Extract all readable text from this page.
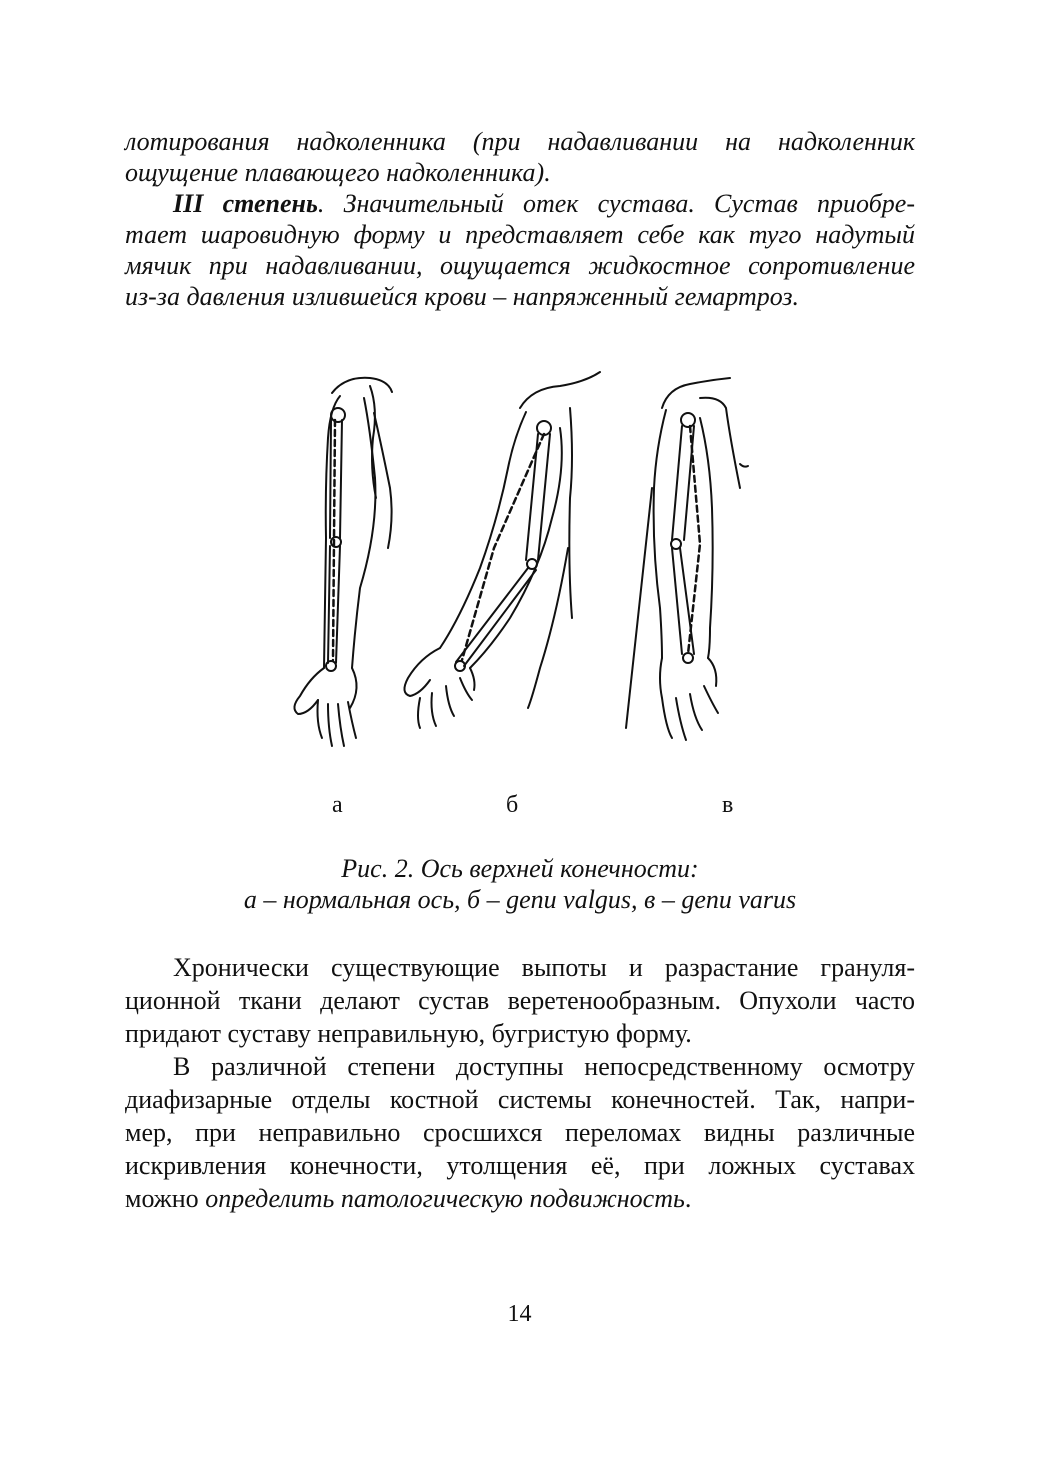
лотирования надколенника (при надавливании на надколенник
ощущение плавающего надколенника).
III степень. Значительный отек сустава. Сустав приобре-
тает шаровидную форму и представляет себе как туго надутый
мячик при надавливании, ощущается жидкостное сопротивление
из-за давления излившейся крови – напряженный гемартроз.
а	б	в
Рис. 2. Ось верхней конечности:
а – нормальная ось, б – genu valgus, в – genu varus
Хронически существующие выпоты и разрастание грануля-
ционной ткани делают сустав веретенообразным. Опухоли часто
придают суставу неправильную, бугристую форму.
В различной степени доступны непосредственному осмотру
диафизарные отделы костной системы конечностей. Так, напри-
мер, при неправильно сросшихся переломах видны различные
искривления конечности, утолщения её, при ложных суставах
можно определить патологическую подвижность.
14
